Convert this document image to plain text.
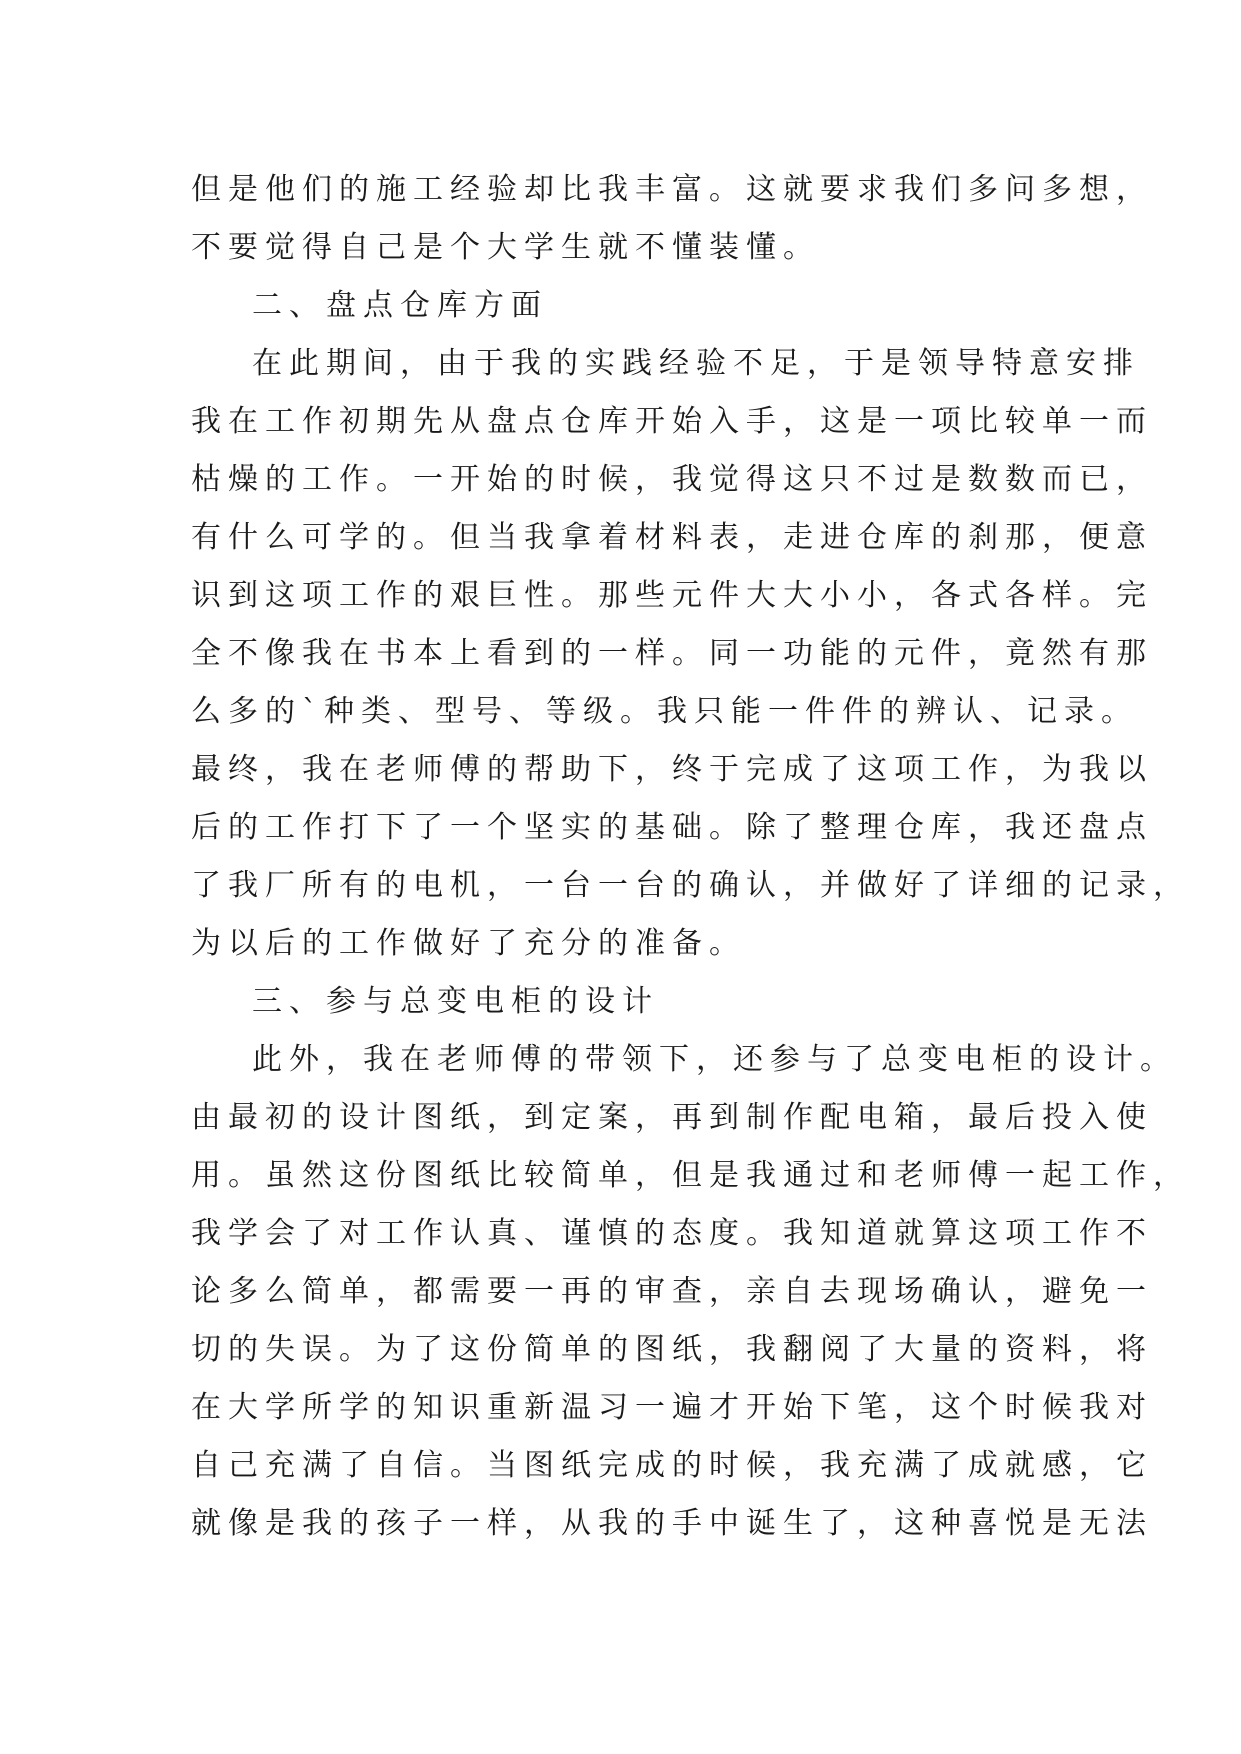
但是他们的施工经验却比我丰富。这就要求我们多问多想，
不要觉得自己是个大学生就不懂装懂。
二、盘点仓库方面
在此期间，由于我的实践经验不足，于是领导特意安排
我在工作初期先从盘点仓库开始入手，这是一项比较单一而
枯燥的工作。一开始的时候，我觉得这只不过是数数而已，
有什么可学的。但当我拿着材料表，走进仓库的刹那，便意
识到这项工作的艰巨性。那些元件大大小小，各式各样。完
全不像我在书本上看到的一样。同一功能的元件，竟然有那
么多的`种类、型号、等级。我只能一件件的辨认、记录。
最终，我在老师傅的帮助下，终于完成了这项工作，为我以
后的工作打下了一个坚实的基础。除了整理仓库，我还盘点
了我厂所有的电机，一台一台的确认，并做好了详细的记录，
为以后的工作做好了充分的准备。
三、参与总变电柜的设计
此外，我在老师傅的带领下，还参与了总变电柜的设计。
由最初的设计图纸，到定案，再到制作配电箱，最后投入使
用。虽然这份图纸比较简单，但是我通过和老师傅一起工作，
我学会了对工作认真、谨慎的态度。我知道就算这项工作不
论多么简单，都需要一再的审查，亲自去现场确认，避免一
切的失误。为了这份简单的图纸，我翻阅了大量的资料，将
在大学所学的知识重新温习一遍才开始下笔，这个时候我对
自己充满了自信。当图纸完成的时候，我充满了成就感，它
就像是我的孩子一样，从我的手中诞生了，这种喜悦是无法
